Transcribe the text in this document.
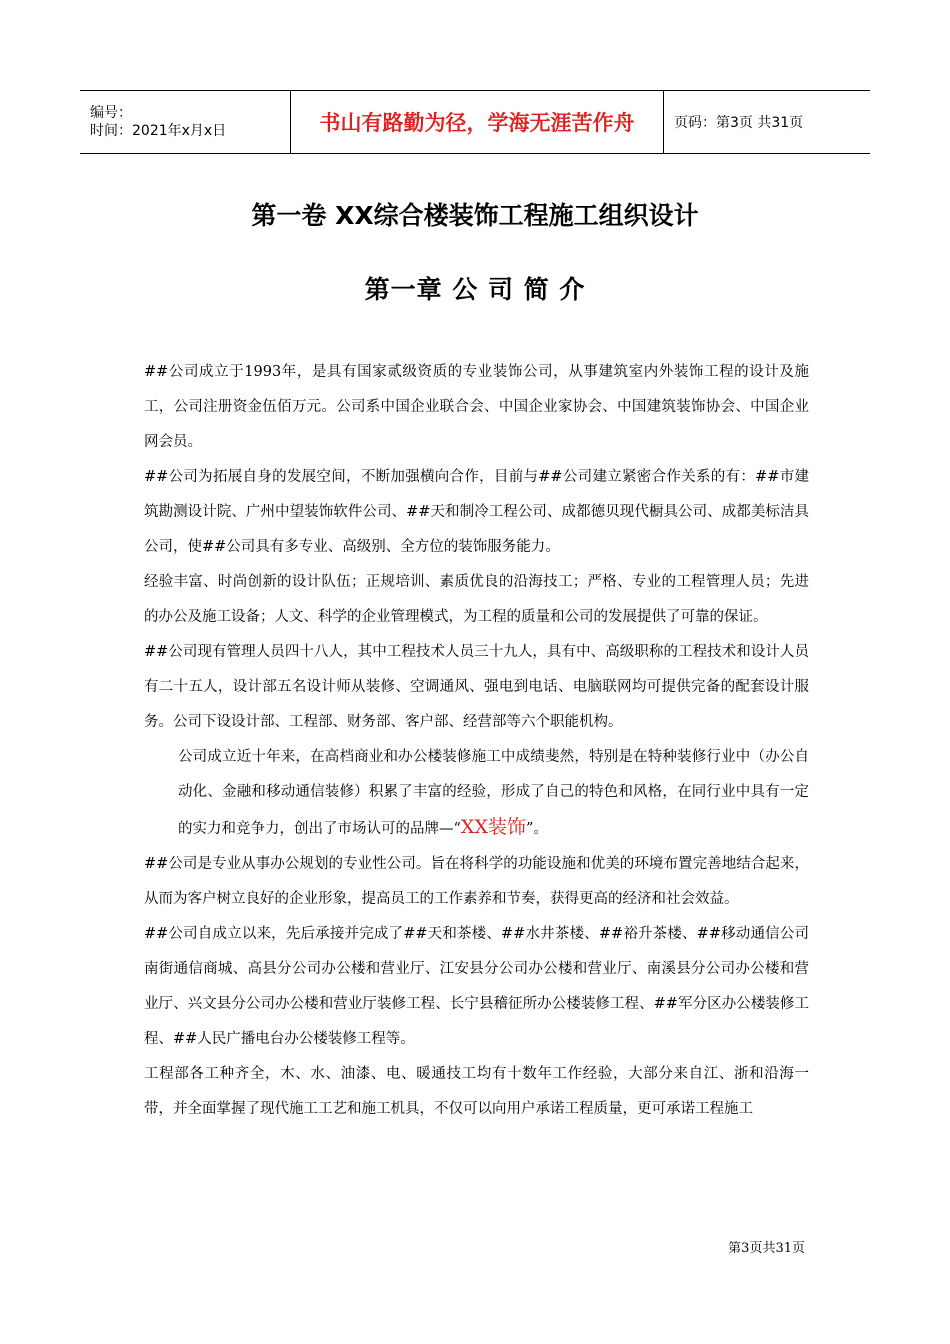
编号：
时间：2021年x月x日	书山有路勤为径，学海无涯苦作舟	页码：第3页 共31页
第一卷 XX综合楼装饰工程施工组织设计
第一章 公 司 简 介

##公司成立于1993年，是具有国家贰级资质的专业装饰公司，从事建筑室内外装饰工程的设计及施工，公司注册资金伍佰万元。公司系中国企业联合会、中国企业家协会、中国建筑装饰协会、中国企业网会员。

##公司为拓展自身的发展空间，不断加强横向合作，目前与##公司建立紧密合作关系的有：##市建筑勘测设计院、广州中望装饰软件公司、##天和制冷工程公司、成都德贝现代橱具公司、成都美标洁具公司，使##公司具有多专业、高级别、全方位的装饰服务能力。

经验丰富、时尚创新的设计队伍；正规培训、素质优良的沿海技工；严格、专业的工程管理人员；先进的办公及施工设备；人文、科学的企业管理模式，为工程的质量和公司的发展提供了可靠的保证。

##公司现有管理人员四十八人，其中工程技术人员三十九人，具有中、高级职称的工程技术和设计人员有二十五人，设计部五名设计师从装修、空调通风、强电到电话、电脑联网均可提供完备的配套设计服务。公司下设设计部、工程部、财务部、客户部、经营部等六个职能机构。

公司成立近十年来，在高档商业和办公楼装修施工中成绩斐然，特别是在特种装修行业中（办公自动化、金融和移动通信装修）积累了丰富的经验，形成了自己的特色和风格，在同行业中具有一定的实力和竞争力，创出了市场认可的品牌—“XX装饰”。

##公司是专业从事办公规划的专业性公司。旨在将科学的功能设施和优美的环境布置完善地结合起来，从而为客户树立良好的企业形象，提高员工的工作素养和节奏，获得更高的经济和社会效益。

##公司自成立以来，先后承接并完成了##天和茶楼、##水井茶楼、##裕升茶楼、##移动通信公司南街通信商城、高县分公司办公楼和营业厅、江安县分公司办公楼和营业厅、南溪县分公司办公楼和营业厅、兴文县分公司办公楼和营业厅装修工程、长宁县稽征所办公楼装修工程、##军分区办公楼装修工程、##人民广播电台办公楼装修工程等。

工程部各工种齐全，木、水、油漆、电、暖通技工均有十数年工作经验，大部分来自江、浙和沿海一带，并全面掌握了现代施工工艺和施工机具，不仅可以向用户承诺工程质量，更可承诺工程施工

第3页共31页
